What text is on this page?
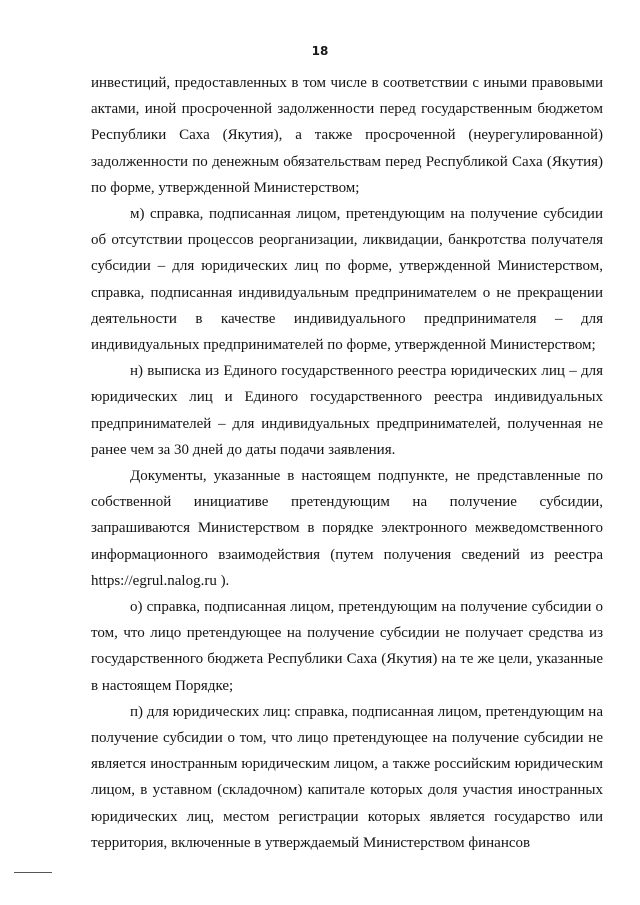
18

инвестиций, предоставленных в том числе в соответствии с иными правовыми актами, иной просроченной задолженности перед государственным бюджетом Республики Саха (Якутия), а также просроченной (неурегулированной) задолженности по денежным обязательствам перед Республикой Саха (Якутия) по форме, утвержденной Министерством;

м) справка, подписанная лицом, претендующим на получение субсидии об отсутствии процессов реорганизации, ликвидации, банкротства получателя субсидии – для юридических лиц по форме, утвержденной Министерством, справка, подписанная индивидуальным предпринимателем о не прекращении деятельности в качестве индивидуального предпринимателя – для индивидуальных предпринимателей по форме, утвержденной Министерством;

н) выписка из Единого государственного реестра юридических лиц – для юридических лиц и Единого государственного реестра индивидуальных предпринимателей – для индивидуальных предпринимателей, полученная не ранее чем за 30 дней до даты подачи заявления.

Документы, указанные в настоящем подпункте, не представленные по собственной инициативе претендующим на получение субсидии, запрашиваются Министерством в порядке электронного межведомственного информационного взаимодействия (путем получения сведений из реестра https://egrul.nalog.ru ).

о) справка, подписанная лицом, претендующим на получение субсидии о том, что лицо претендующее на получение субсидии не получает средства из государственного бюджета Республики Саха (Якутия) на те же цели, указанные в настоящем Порядке;

п) для юридических лиц: справка, подписанная лицом, претендующим на получение субсидии о том, что лицо претендующее на получение субсидии не является иностранным юридическим лицом, а также российским юридическим лицом, в уставном (складочном) капитале которых доля участия иностранных юридических лиц, местом регистрации которых является государство или территория, включенные в утверждаемый Министерством финансов
